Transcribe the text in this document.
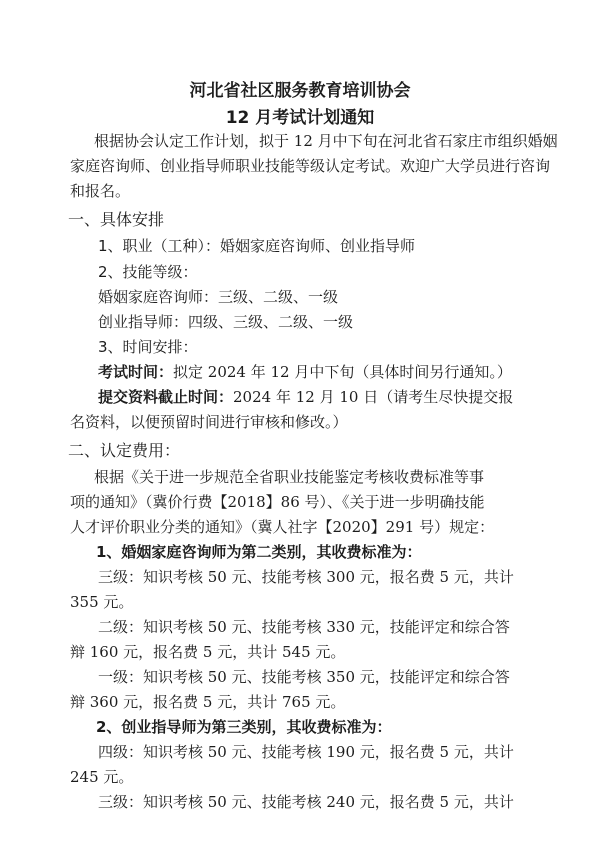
河北省社区服务教育培训协会
12 月考试计划通知
根据协会认定工作计划，拟于 12 月中下旬在河北省石家庄市组织婚姻
家庭咨询师、创业指导师职业技能等级认定考试。欢迎广大学员进行咨询
和报名。
一、具体安排
1、职业（工种）：婚姻家庭咨询师、创业指导师
2、技能等级：
婚姻家庭咨询师：三级、二级、一级
创业指导师：四级、三级、二级、一级
3、时间安排：
考试时间：拟定 2024 年 12 月中下旬（具体时间另行通知。）
提交资料截止时间：2024 年 12 月 10 日（请考生尽快提交报
名资料，以便预留时间进行审核和修改。）
二、认定费用：
根据《关于进一步规范全省职业技能鉴定考核收费标准等事
项的通知》（冀价行费【2018】86 号）、《关于进一步明确技能
人才评价职业分类的通知》（冀人社字【2020】291 号）规定：
1、婚姻家庭咨询师为第二类别，其收费标准为：
三级：知识考核 50 元、技能考核 300 元，报名费 5 元，共计
355 元。
二级：知识考核 50 元、技能考核 330 元，技能评定和综合答
辩 160 元，报名费 5 元，共计 545 元。
一级：知识考核 50 元、技能考核 350 元，技能评定和综合答
辩 360 元，报名费 5 元，共计 765 元。
2、创业指导师为第三类别，其收费标准为：
四级：知识考核 50 元、技能考核 190 元，报名费 5 元，共计
245 元。
三级：知识考核 50 元、技能考核 240 元，报名费 5 元，共计
